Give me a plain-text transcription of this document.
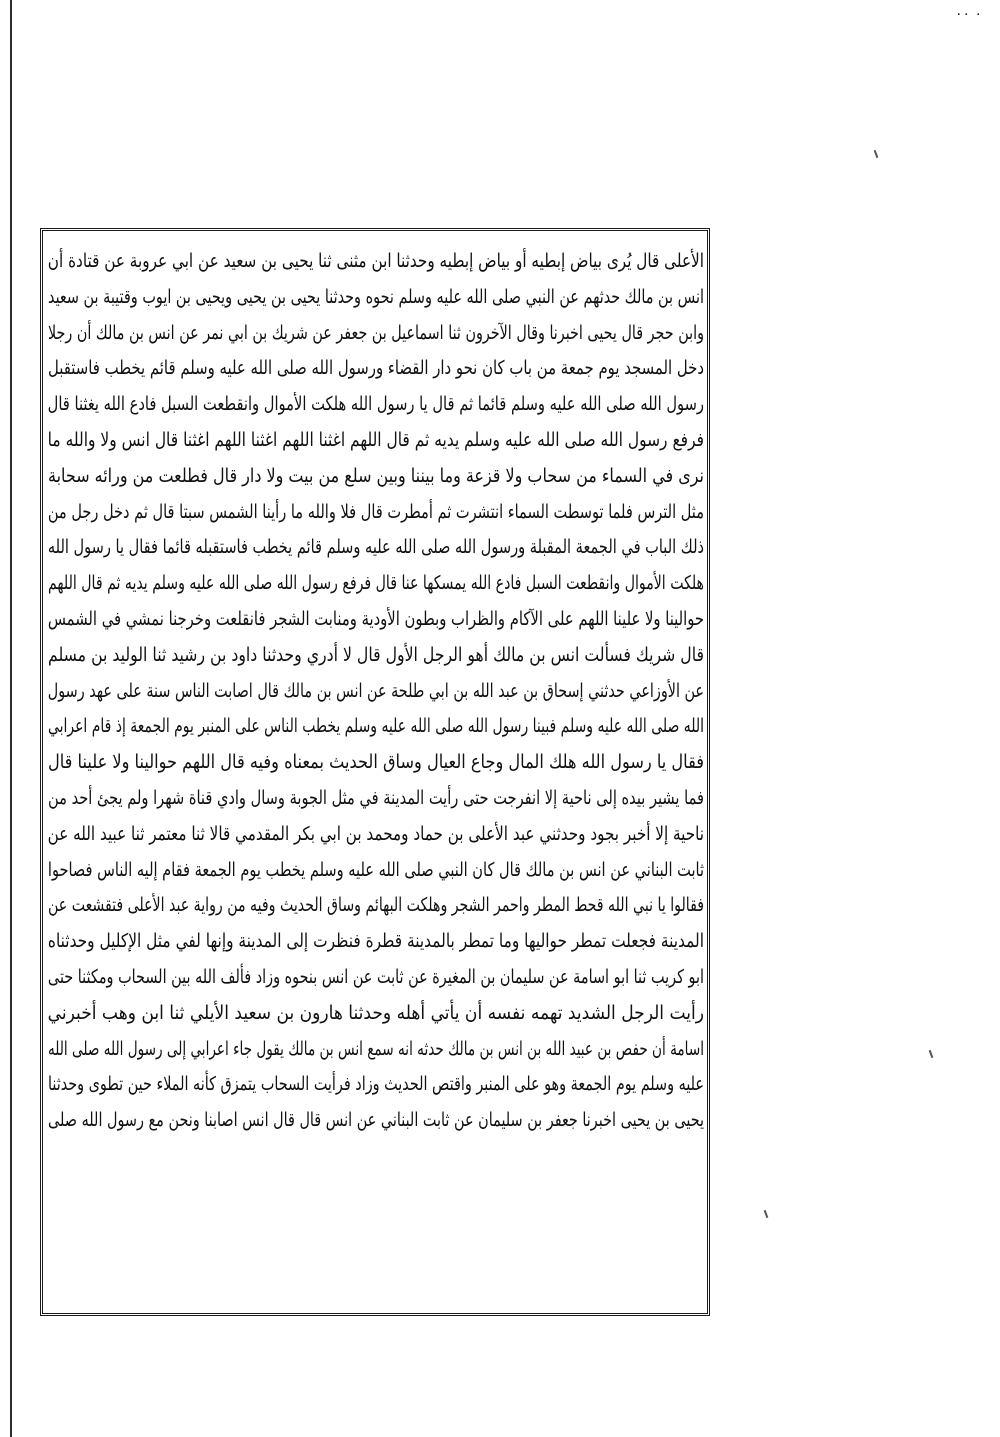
۰۰ ۰
الأعلى قال يُرى بياض إبطيه أو بياض إبطيه وحدثنا ابن مثنى ثنا يحيى بن سعيد عن ابي عروبة عن قتادة أن
انس بن مالك حدثهم عن النبي صلى الله عليه وسلم نحوه وحدثنا يحيى بن يحيى ويحيى بن ايوب وقتيبة بن سعيد
وابن حجر قال يحيى اخبرنا وقال الآخرون ثنا اسماعيل بن جعفر عن شريك بن ابي نمر عن انس بن مالك أن رجلا
دخل المسجد يوم جمعة من باب كان نحو دار القضاء ورسول الله صلى الله عليه وسلم قائم يخطب فاستقبل
رسول الله صلى الله عليه وسلم قائما ثم قال يا رسول الله هلكت الأموال وانقطعت السبل فادع الله يغثنا قال
فرفع رسول الله صلى الله عليه وسلم يديه ثم قال اللهم اغثنا اللهم اغثنا اللهم اغثنا قال انس ولا والله ما
نرى في السماء من سحاب ولا قزعة وما بيننا وبين سلع من بيت ولا دار قال فطلعت من ورائه سحابة
مثل الترس فلما توسطت السماء انتشرت ثم أمطرت قال فلا والله ما رأينا الشمس سبتا قال ثم دخل رجل من
ذلك الباب في الجمعة المقبلة ورسول الله صلى الله عليه وسلم قائم يخطب فاستقبله قائما فقال يا رسول الله
هلكت الأموال وانقطعت السبل فادع الله يمسكها عنا قال فرفع رسول الله صلى الله عليه وسلم يديه ثم قال اللهم
حوالينا ولا علينا اللهم على الآكام والظراب وبطون الأودية ومنابت الشجر فانقلعت وخرجنا نمشي في الشمس
قال شريك فسألت انس بن مالك أهو الرجل الأول قال لا أدري وحدثنا داود بن رشيد ثنا الوليد بن مسلم
عن الأوزاعي حدثني إسحاق بن عبد الله بن ابي طلحة عن انس بن مالك قال اصابت الناس سنة على عهد رسول
الله صلى الله عليه وسلم فبينا رسول الله صلى الله عليه وسلم يخطب الناس على المنبر يوم الجمعة إذ قام اعرابي
فقال يا رسول الله هلك المال وجاع العيال وساق الحديث بمعناه وفيه قال اللهم حوالينا ولا علينا قال
فما يشير بيده إلى ناحية إلا انفرجت حتى رأيت المدينة في مثل الجوبة وسال وادي قناة شهرا ولم يجئ أحد من
ناحية إلا أخبر بجود وحدثني عبد الأعلى بن حماد ومحمد بن ابي بكر المقدمي قالا ثنا معتمر ثنا عبيد الله عن
ثابت البناني عن انس بن مالك قال كان النبي صلى الله عليه وسلم يخطب يوم الجمعة فقام إليه الناس فصاحوا
فقالوا يا نبي الله قحط المطر واحمر الشجر وهلكت البهائم وساق الحديث وفيه من رواية عبد الأعلى فتقشعت عن
المدينة فجعلت تمطر حواليها وما تمطر بالمدينة قطرة فنظرت إلى المدينة وإنها لفي مثل الإكليل وحدثناه
ابو كريب ثنا ابو اسامة عن سليمان بن المغيرة عن ثابت عن انس بنحوه وزاد فألف الله بين السحاب ومكثنا حتى
رأيت الرجل الشديد تهمه نفسه أن يأتي أهله وحدثنا هارون بن سعيد الأيلي ثنا ابن وهب أخبرني
اسامة أن حفص بن عبيد الله بن انس بن مالك حدثه انه سمع انس بن مالك يقول جاء اعرابي إلى رسول الله صلى الله
عليه وسلم يوم الجمعة وهو على المنبر واقتص الحديث وزاد فرأيت السحاب يتمزق كأنه الملاء حين تطوى وحدثنا
يحيى بن يحيى اخبرنا جعفر بن سليمان عن ثابت البناني عن انس قال قال انس اصابنا ونحن مع رسول الله صلى
